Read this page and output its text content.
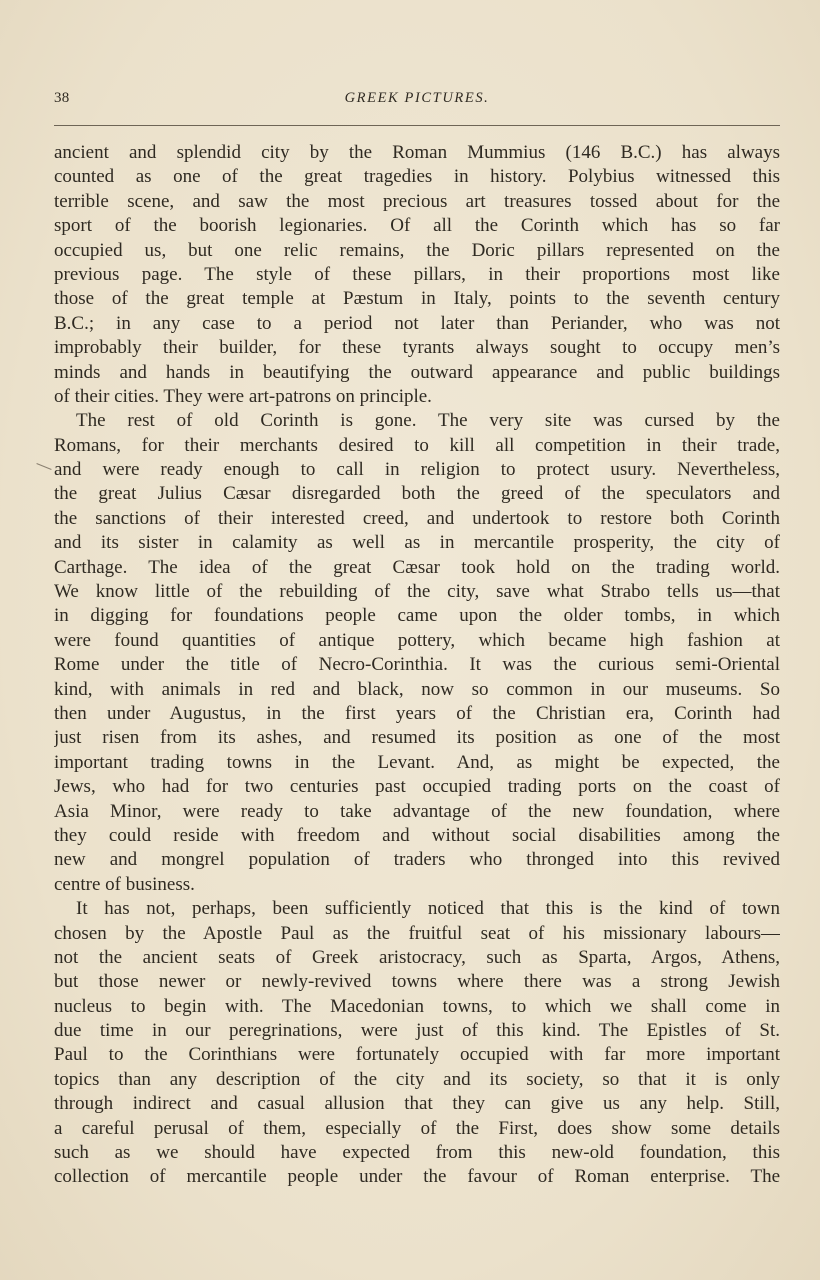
38	GREEK PICTURES.
ancient and splendid city by the Roman Mummius (146 B.C.) has always
counted as one of the great tragedies in history. Polybius witnessed this
terrible scene, and saw the most precious art treasures tossed about for the
sport of the boorish legionaries. Of all the Corinth which has so far
occupied us, but one relic remains, the Doric pillars represented on the
previous page. The style of these pillars, in their proportions most like
those of the great temple at Pæstum in Italy, points to the seventh century
B.C.; in any case to a period not later than Periander, who was not
improbably their builder, for these tyrants always sought to occupy men’s
minds and hands in beautifying the outward appearance and public buildings
of their cities. They were art-patrons on principle.
The rest of old Corinth is gone. The very site was cursed by the
Romans, for their merchants desired to kill all competition in their trade,
and were ready enough to call in religion to protect usury. Nevertheless,
the great Julius Cæsar disregarded both the greed of the speculators and
the sanctions of their interested creed, and undertook to restore both Corinth
and its sister in calamity as well as in mercantile prosperity, the city of
Carthage. The idea of the great Cæsar took hold on the trading world.
We know little of the rebuilding of the city, save what Strabo tells us—that
in digging for foundations people came upon the older tombs, in which
were found quantities of antique pottery, which became high fashion at
Rome under the title of Necro-Corinthia. It was the curious semi-Oriental
kind, with animals in red and black, now so common in our museums. So
then under Augustus, in the first years of the Christian era, Corinth had
just risen from its ashes, and resumed its position as one of the most
important trading towns in the Levant. And, as might be expected, the
Jews, who had for two centuries past occupied trading ports on the coast of
Asia Minor, were ready to take advantage of the new foundation, where
they could reside with freedom and without social disabilities among the
new and mongrel population of traders who thronged into this revived
centre of business.
It has not, perhaps, been sufficiently noticed that this is the kind of town
chosen by the Apostle Paul as the fruitful seat of his missionary labours—
not the ancient seats of Greek aristocracy, such as Sparta, Argos, Athens,
but those newer or newly-revived towns where there was a strong Jewish
nucleus to begin with. The Macedonian towns, to which we shall come in
due time in our peregrinations, were just of this kind. The Epistles of St.
Paul to the Corinthians were fortunately occupied with far more important
topics than any description of the city and its society, so that it is only
through indirect and casual allusion that they can give us any help. Still,
a careful perusal of them, especially of the First, does show some details
such as we should have expected from this new-old foundation, this
collection of mercantile people under the favour of Roman enterprise. The
